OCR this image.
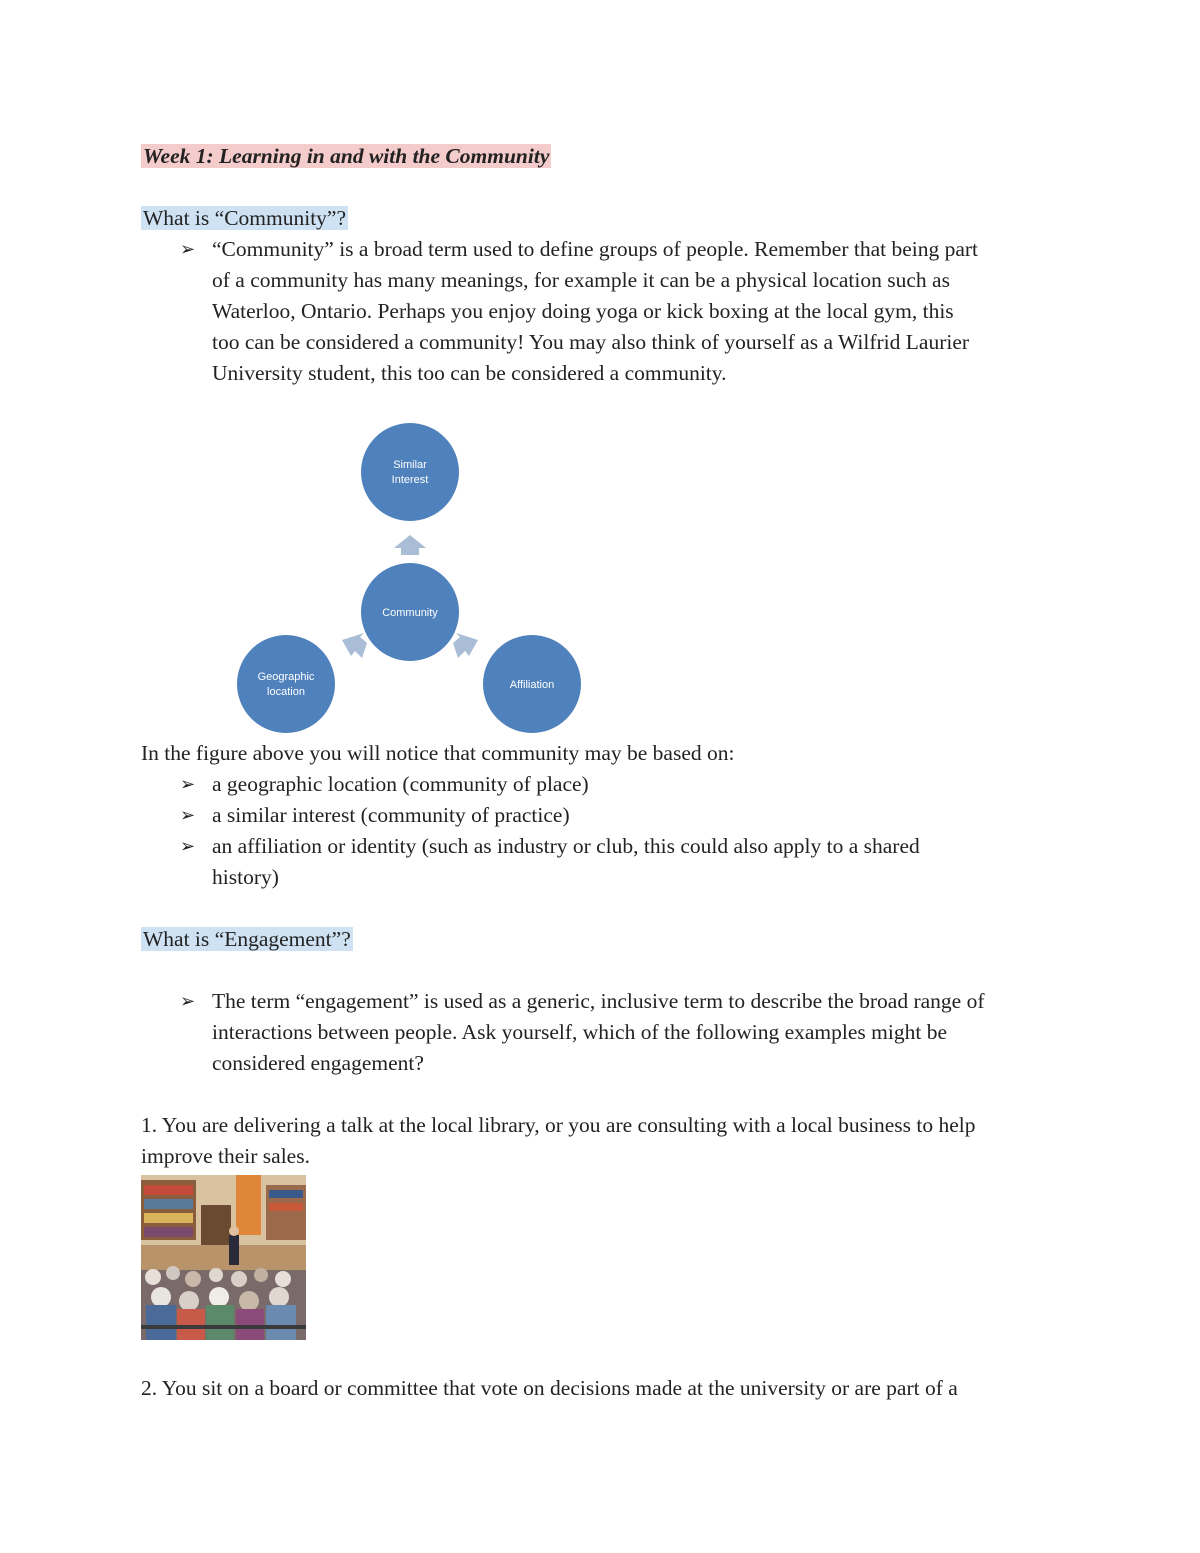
Week 1: Learning in and with the Community
What is “Community”?
➢ “Community” is a broad term used to define groups of people. Remember that being part
of a community has many meanings, for example it can be a physical location such as
Waterloo, Ontario. Perhaps you enjoy doing yoga or kick boxing at the local gym, this
too can be considered a community! You may also think of yourself as a Wilfrid Laurier
University student, this too can be considered a community.
Similar
Interest
Community
Geographic
location
Affiliation
In the figure above you will notice that community may be based on:
➢ a geographic location (community of place)
➢ a similar interest (community of practice)
➢ an affiliation or identity (such as industry or club, this could also apply to a shared
history)
What is “Engagement”?
➢ The term “engagement” is used as a generic, inclusive term to describe the broad range of
interactions between people. Ask yourself, which of the following examples might be
considered engagement?
1. You are delivering a talk at the local library, or you are consulting with a local business to help
improve their sales.
2. You sit on a board or committee that vote on decisions made at the university or are part of a
